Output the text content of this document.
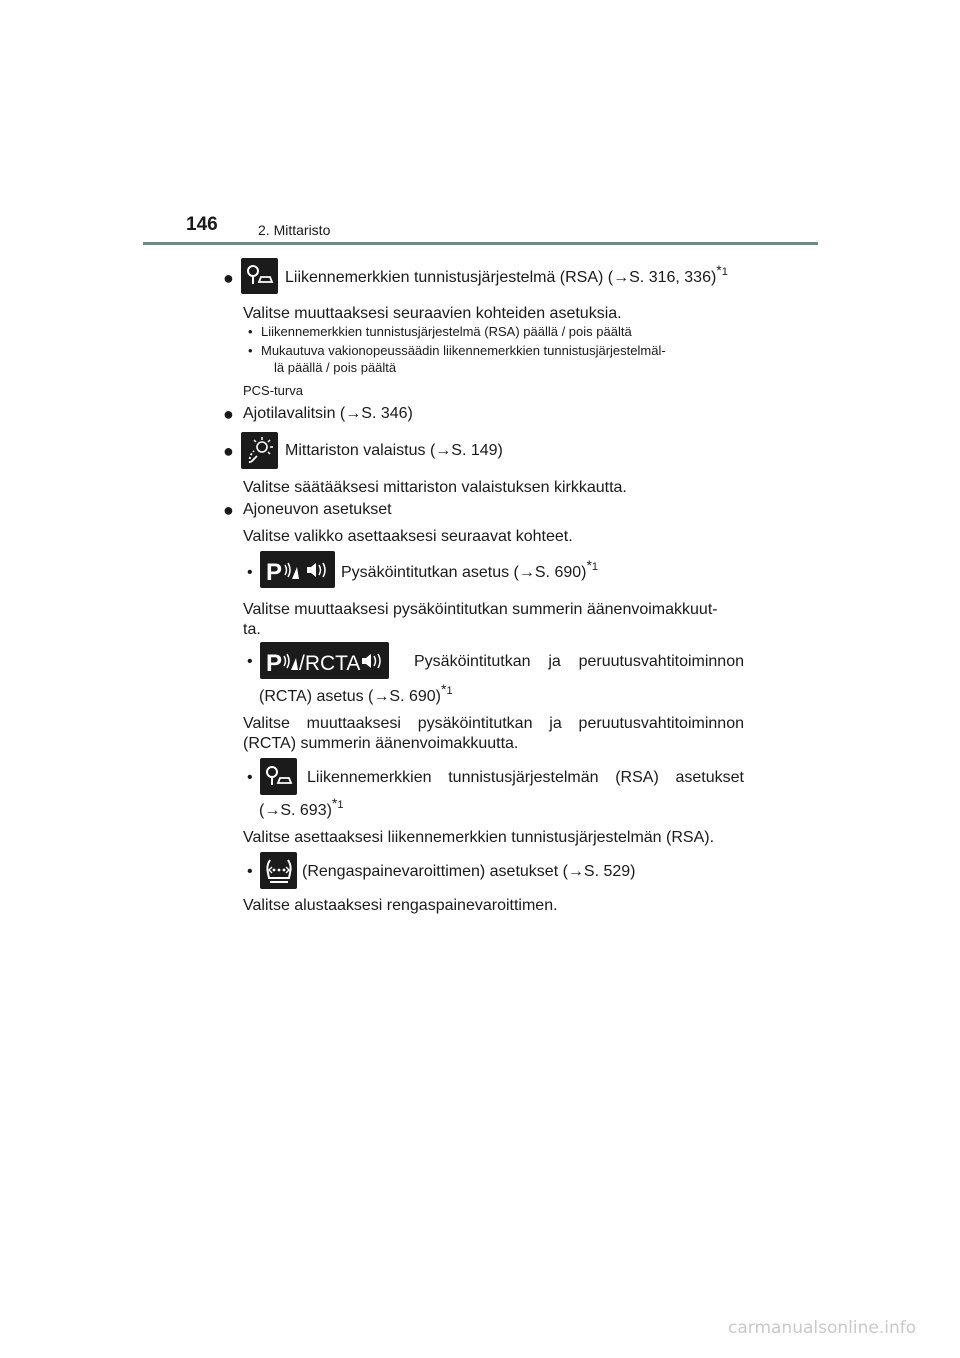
146	2. Mittaristo
●	Liikennemerkkien tunnistusjärjestelmä (RSA) (→S. 316, 336)$^{*1}$
Valitse muuttaaksesi seuraavien kohteiden asetuksia.
• Liikennemerkkien tunnistusjärjestelmä (RSA) päällä / pois päältä
• Mukautuva vakionopeussäädin liikennemerkkien tunnistusjärjestelmäl-
lä päällä / pois päältä
PCS-turva
● Ajotilavalitsin (→S. 346)
●	Mittariston valaistus (→S. 149)
Valitse säätääksesi mittariston valaistuksen kirkkautta.
● Ajoneuvon asetukset
Valitse valikko asettaaksesi seuraavat kohteet.
• P	Pysäköintitutkan asetus (→S. 690)$^{*1}$
Valitse muuttaaksesi pysäköintitutkan summerin äänenvoimakkuut-
ta.
• P /RCTA	Pysäköintitutkan ja peruutusvahtitoiminnon
(RCTA) asetus (→S. 690)$^{*1}$
Valitse muuttaaksesi pysäköintitutkan ja peruutusvahtitoiminnon
(RCTA) summerin äänenvoimakkuutta.
•	Liikennemerkkien tunnistusjärjestelmän (RSA) asetukset
(→S. 693)$^{*1}$
Valitse asettaaksesi liikennemerkkien tunnistusjärjestelmän (RSA).
•	(Rengaspainevaroittimen) asetukset (→S. 529)
Valitse alustaaksesi rengaspainevaroittimen.
carmanualsonline.info
